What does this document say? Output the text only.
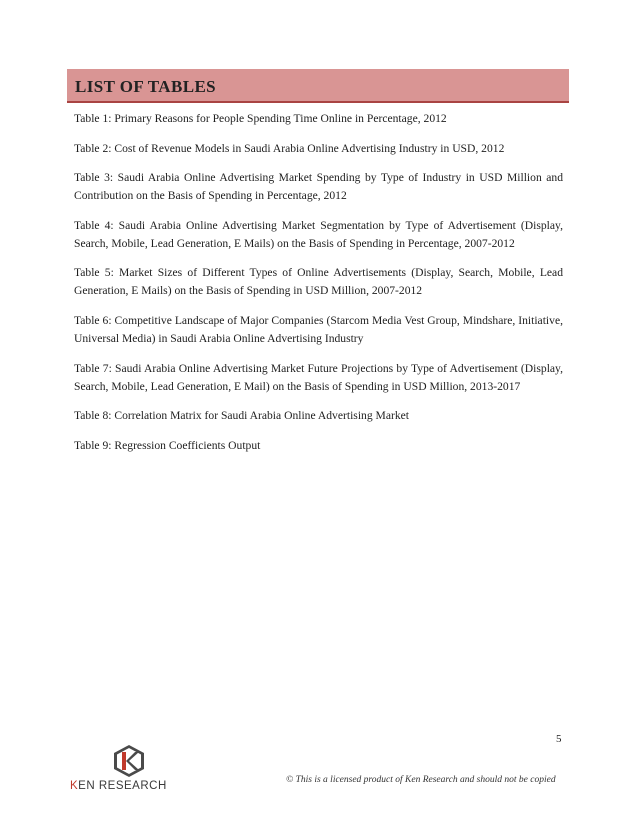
LIST OF TABLES

Table 1: Primary Reasons for People Spending Time Online in Percentage, 2012

Table 2: Cost of Revenue Models in Saudi Arabia Online Advertising Industry in USD, 2012

Table 3: Saudi Arabia Online Advertising Market Spending by Type of Industry in USD Million and Contribution on the Basis of Spending in Percentage, 2012

Table 4: Saudi Arabia Online Advertising Market Segmentation by Type of Advertisement (Display, Search, Mobile, Lead Generation, E Mails) on the Basis of Spending in Percentage, 2007-2012

Table 5: Market Sizes of Different Types of Online Advertisements (Display, Search, Mobile, Lead Generation, E Mails) on the Basis of Spending in USD Million, 2007-2012

Table 6: Competitive Landscape of Major Companies (Starcom Media Vest Group, Mindshare, Initiative, Universal Media) in Saudi Arabia Online Advertising Industry

Table 7: Saudi Arabia Online Advertising Market Future Projections by Type of Advertisement (Display, Search, Mobile, Lead Generation, E Mail) on the Basis of Spending in USD Million, 2013-2017

Table 8: Correlation Matrix for Saudi Arabia Online Advertising Market

Table 9: Regression Coefficients Output

5
KEN RESEARCH	© This is a licensed product of Ken Research and should not be copied
